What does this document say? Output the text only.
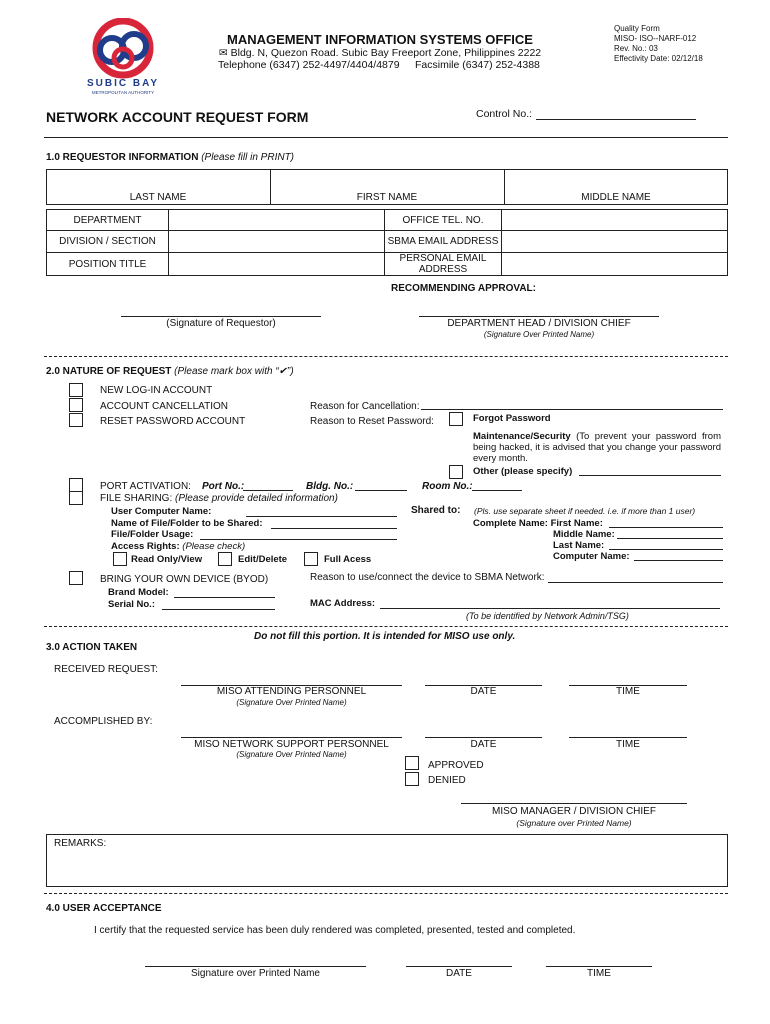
SUBIC BAY
METROPOLITAN AUTHORITY
MANAGEMENT INFORMATION SYSTEMS OFFICE
✉ Bldg. N, Quezon Road. Subic Bay Freeport Zone, Philippines 2222
Telephone (6347) 252-4497/4404/4879 Facsimile (6347) 252-4388
Quality Form
MISO- ISO--NARF-012
Rev. No.: 03
Effectivity Date: 02/12/18
NETWORK ACCOUNT REQUEST FORM	Control No.:
1.0 REQUESTOR INFORMATION (Please fill in PRINT)
LAST NAME	FIRST NAME	MIDDLE NAME
DEPARTMENT	OFFICE TEL. NO.
DIVISION / SECTION	SBMA EMAIL ADDRESS
POSITION TITLE	PERSONAL EMAIL ADDRESS
RECOMMENDING APPROVAL:
(Signature of Requestor)	DEPARTMENT HEAD / DIVISION CHIEF
(Signature Over Printed Name)
2.0 NATURE OF REQUEST (Please mark box with “✔”)
NEW LOG-IN ACCOUNT
ACCOUNT CANCELLATION	Reason for Cancellation:
RESET PASSWORD ACCOUNT	Reason to Reset Password:	Forgot Password
Maintenance/Security (To prevent your password from being hacked, it is advised that you change your password every month.
Other (please specify)
PORT ACTIVATION: Port No.:	Bldg. No.:	Room No.:
FILE SHARING: (Please provide detailed information)
User Computer Name:	Shared to: (Pls. use separate sheet if needed. i.e. if more than 1 user)
Name of File/Folder to be Shared:	Complete Name: First Name:
File/Folder Usage:	Middle Name:
Access Rights: (Please check)	Last Name:
Read Only/View	Edit/Delete	Full Acess	Computer Name:
BRING YOUR OWN DEVICE (BYOD)	Reason to use/connect the device to SBMA Network:
Brand Model:
Serial No.:	MAC Address:
(To be identified by Network Admin/TSG)
Do not fill this portion. It is intended for MISO use only.
3.0 ACTION TAKEN
RECEIVED REQUEST:
MISO ATTENDING PERSONNEL
(Signature Over Printed Name)
DATE	TIME
ACCOMPLISHED BY:
MISO NETWORK SUPPORT PERSONNEL
(Signature Over Printed Name)
DATE	TIME
APPROVED
DENIED
MISO MANAGER / DIVISION CHIEF
(Signature over Printed Name)
REMARKS:
4.0 USER ACCEPTANCE
I certify that the requested service has been duly rendered was completed, presented, tested and completed.
Signature over Printed Name	DATE	TIME
